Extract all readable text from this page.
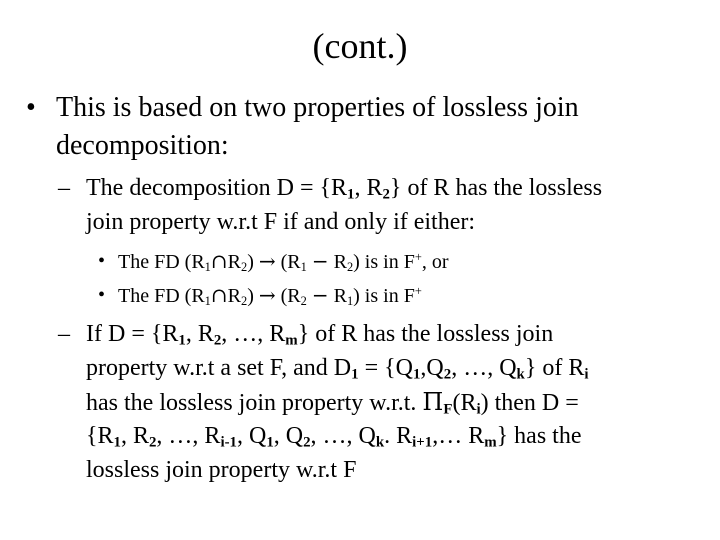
(cont.)
• This is based on two properties of lossless join
decomposition:
– The decomposition $D = \{R_1$, $R_2$} of R has the lossless
join property w.r.t F if and only if either:
• The FD $(R_1\cap R_2) \to (R_1 - R_2)$ is in F+, or
• The FD $(R_1\cap R_2) \to (R_2 - R_1)$ is in F+
– If $D = \{R_1$, $R_2$, …, $R_m$} of R has the lossless join
property w.r.t a set F, and $D_1 = \{Q_1,Q_2$, …, $Q_k$} of $R_i$
has the lossless join property w.r.t. $\Pi_F(R_i)$ then D =
{$R_1$, $R_2$, …, $R_{i-1}$, $Q_1$, $Q_2$, …, $Q_k$. $R_{i+1},\dots$ $R_m$} has the
lossless join property w.r.t F
